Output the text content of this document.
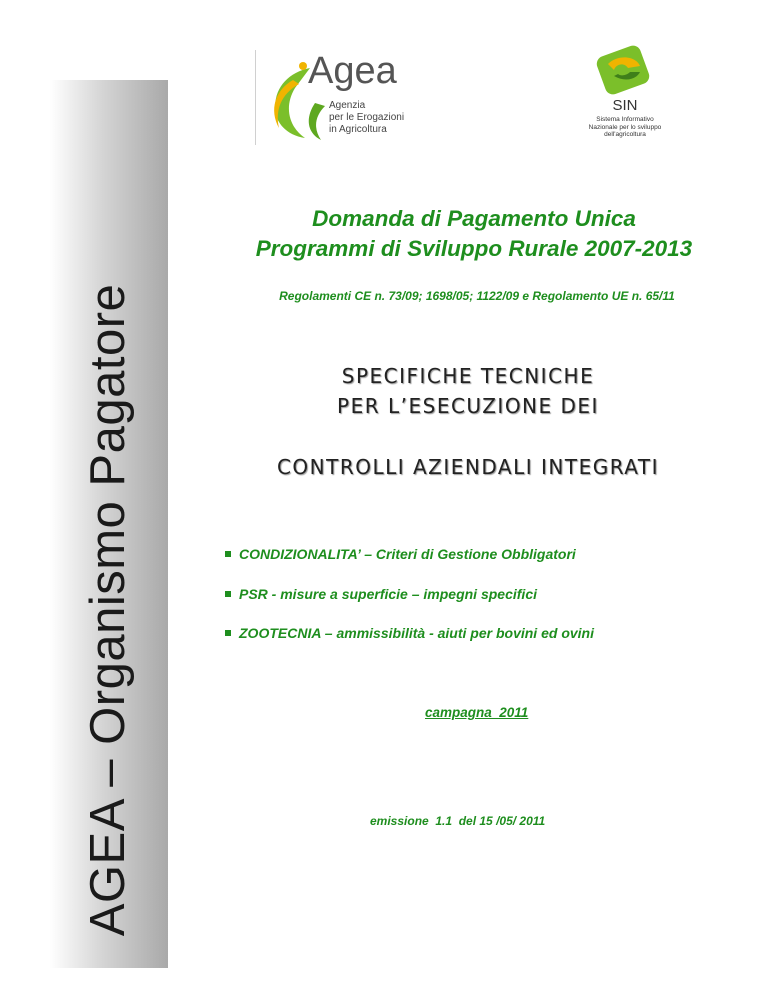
AGEA – Organismo Pagatore
Agea
Agenzia
per le Erogazioni
in Agricoltura
SIN
Sistema Informativo
Nazionale per lo sviluppo
dell'agricoltura
Domanda di Pagamento Unica
Programmi di Sviluppo Rurale 2007-2013
Regolamenti CE n. 73/09; 1698/05; 1122/09 e Regolamento UE n. 65/11
SPECIFICHE TECNICHE
PER L’ESECUZIONE DEI
CONTROLLI AZIENDALI INTEGRATI
CONDIZIONALITA’ – Criteri di Gestione Obbligatori
PSR - misure a superficie – impegni specifici
ZOOTECNIA – ammissibilità - aiuti per bovini ed ovini
campagna  2011
emissione  1.1  del 15 /05/ 2011
